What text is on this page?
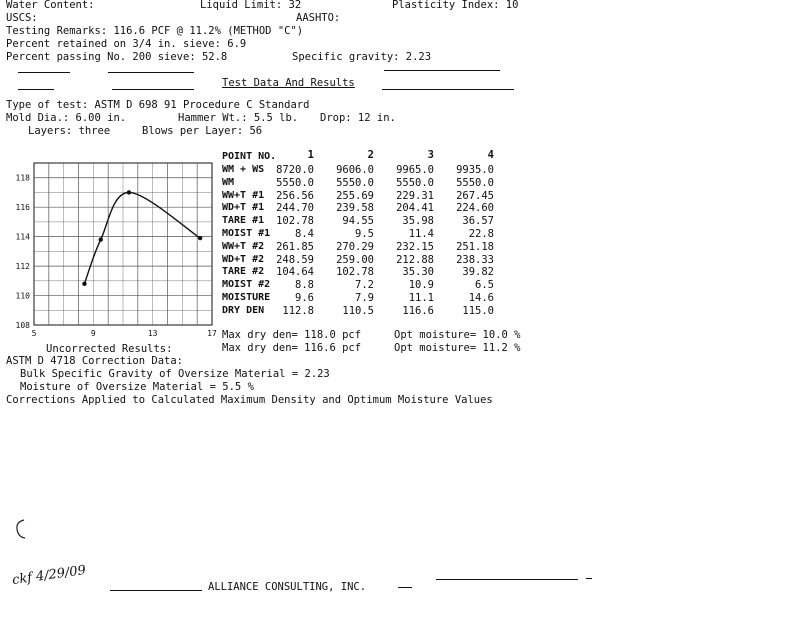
Water Content:	Liquid Limit: 32	Plasticity Index: 10
USCS:	AASHTO:
Testing Remarks: 116.6 PCF @ 11.2% (METHOD "C")
Percent retained on 3/4 in. sieve: 6.9
Percent passing No. 200 sieve: 52.8	Specific gravity: 2.23
Test Data And Results
Type of test: ASTM D 698 91 Procedure C Standard
Mold Dia.: 6.00 in.	Hammer Wt.: 5.5 lb. Drop: 12 in.
Layers: three	Blows per Layer: 56
5	9	13	17
118
116
114
112
110
108
POINT NO.	1	2	3	4
WM + WS	8720.0	9606.0	9965.0	9935.0
WM	5550.0	5550.0	5550.0	5550.0
WW+T #1	256.56	255.69	229.31	267.45
WD+T #1	244.70	239.58	204.41	224.60
TARE #1	102.78	94.55	35.98	36.57
MOIST #1	8.4	9.5	11.4	22.8
WW+T #2	261.85	270.29	232.15	251.18
WD+T #2	248.59	259.00	212.88	238.33
TARE #2	104.64	102.78	35.30	39.82
MOIST #2	8.8	7.2	10.9	6.5
MOISTURE	9.6	7.9	11.1	14.6
DRY DEN	112.8	110.5	116.6	115.0
Max dry den= 118.0 pcf	Opt moisture= 10.0 %
Uncorrected Results:	Max dry den= 116.6 pcf	Opt moisture= 11.2 %
ASTM D 4718 Correction Data:
Bulk Specific Gravity of Oversize Material = 2.23
Moisture of Oversize Material = 5.5 %
Corrections Applied to Calculated Maximum Density and Optimum Moisture Values
ckf 4/29/09	ALLIANCE CONSULTING, INC.
